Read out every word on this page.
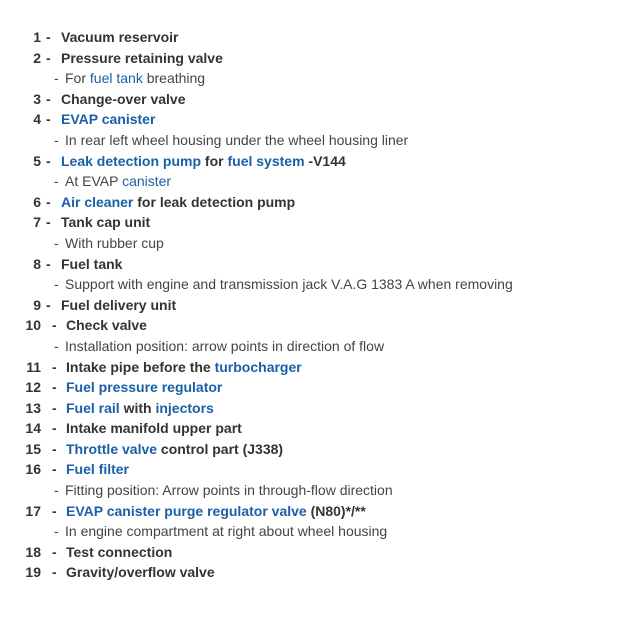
1 - Vacuum reservoir
2 - Pressure retaining valve
- For fuel tank breathing
3 - Change-over valve
4 - EVAP canister
- In rear left wheel housing under the wheel housing liner
5 - Leak detection pump for fuel system -V144
- At EVAP canister
6 - Air cleaner for leak detection pump
7 - Tank cap unit
- With rubber cup
8 - Fuel tank
- Support with engine and transmission jack V.A.G 1383 A when removing
9 - Fuel delivery unit
10 - Check valve
- Installation position: arrow points in direction of flow
11 - Intake pipe before the turbocharger
12 - Fuel pressure regulator
13 - Fuel rail with injectors
14 - Intake manifold upper part
15 - Throttle valve control part (J338)
16 - Fuel filter
- Fitting position: Arrow points in through-flow direction
17 - EVAP canister purge regulator valve (N80)*/**
- In engine compartment at right about wheel housing
18 - Test connection
19 - Gravity/overflow valve
